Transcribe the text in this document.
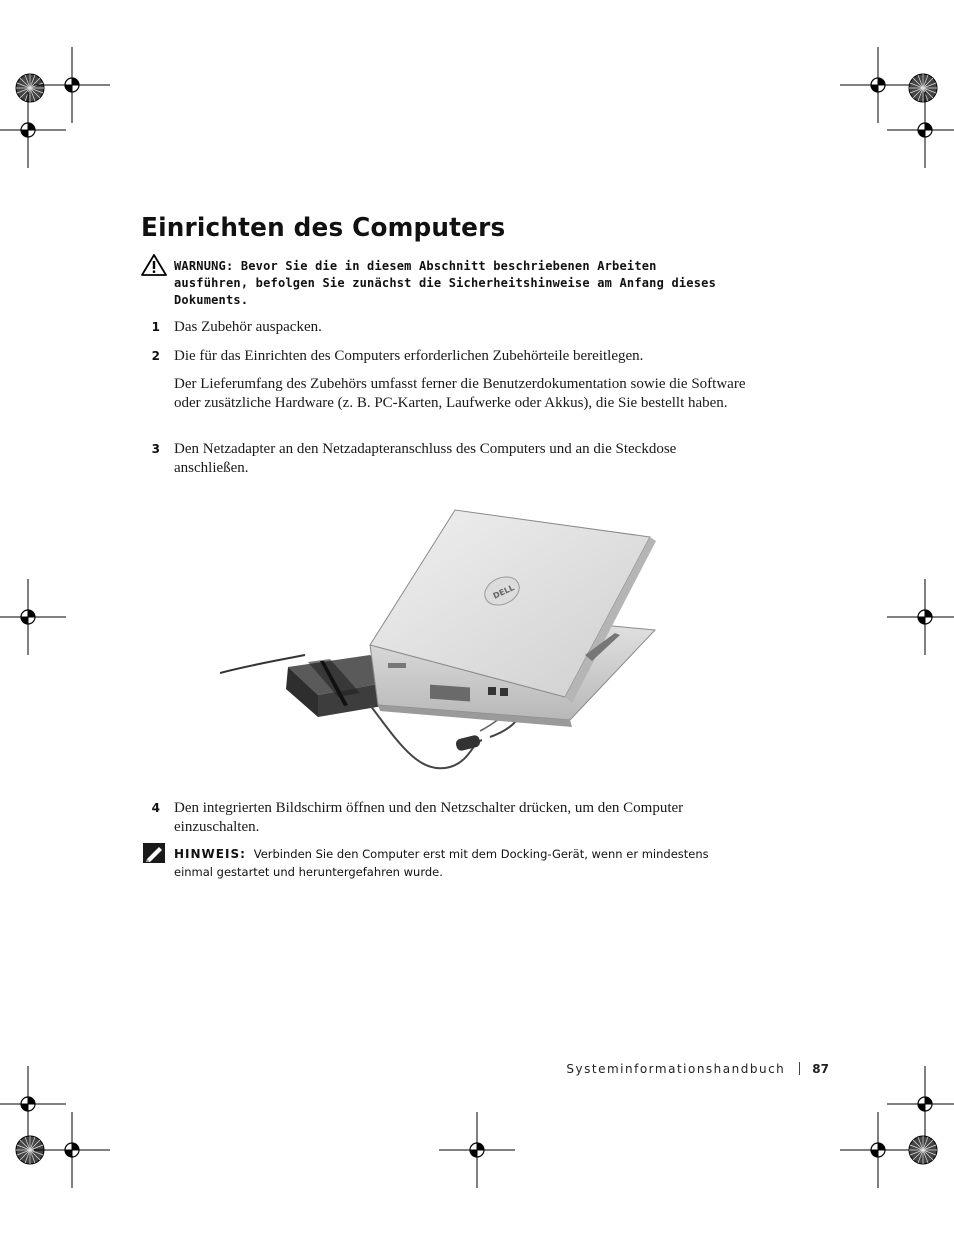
Einrichten des Computers
WARNUNG: Bevor Sie die in diesem Abschnitt beschriebenen Arbeiten ausführen, befolgen Sie zunächst die Sicherheitshinweise am Anfang dieses Dokuments.
1 Das Zubehör auspacken.
2 Die für das Einrichten des Computers erforderlichen Zubehörteile bereitlegen.
Der Lieferumfang des Zubehörs umfasst ferner die Benutzerdokumentation sowie die Software oder zusätzliche Hardware (z. B. PC-Karten, Laufwerke oder Akkus), die Sie bestellt haben.
3 Den Netzadapter an den Netzadapteranschluss des Computers und an die Steckdose anschließen.
DELL
4 Den integrierten Bildschirm öffnen und den Netzschalter drücken, um den Computer einzuschalten.
HINWEIS: Verbinden Sie den Computer erst mit dem Docking-Gerät, wenn er mindestens einmal gestartet und heruntergefahren wurde.
Systeminformationshandbuch 87
